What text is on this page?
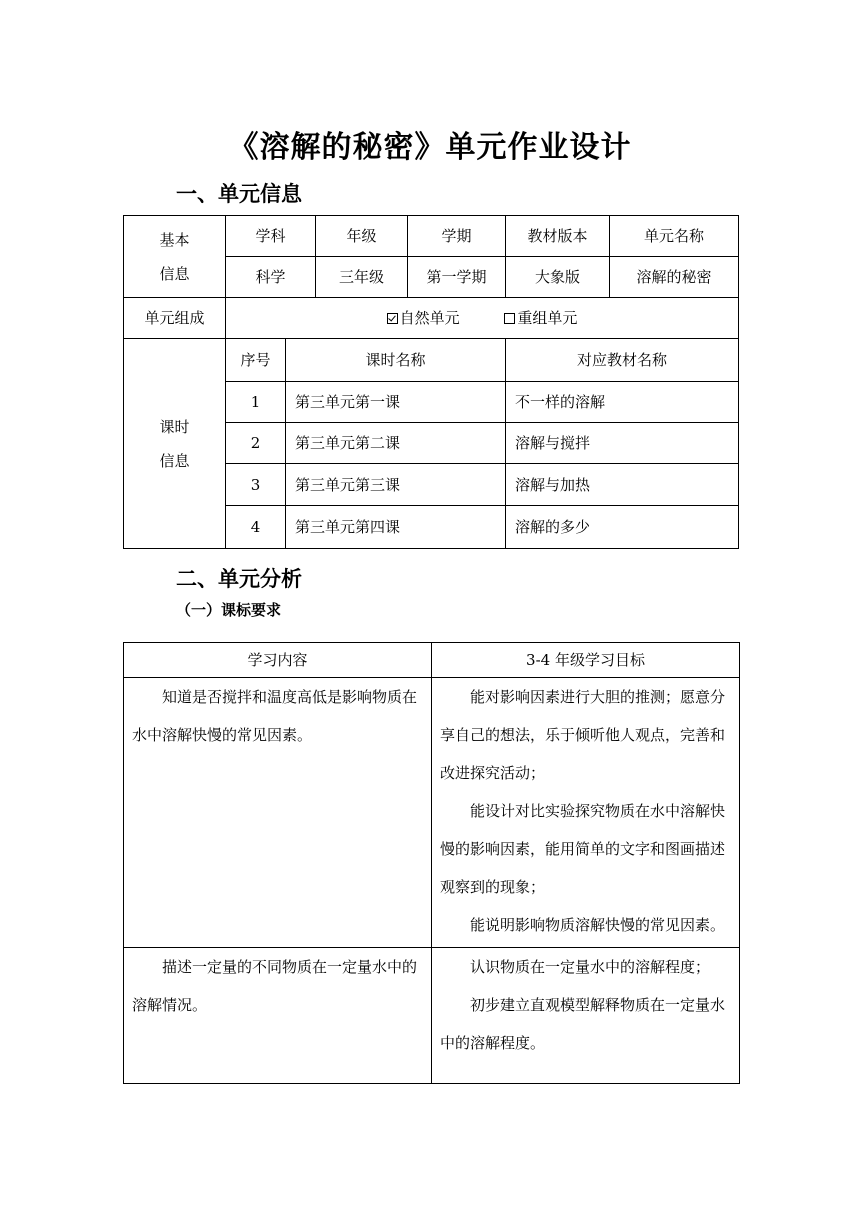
《溶解的秘密》单元作业设计
一、单元信息
基本
信息	学科		年级	学期	教材版本	单元名称
	科学		三年级	第一学期	大象版	溶解的秘密
单元组成	自然单元 重组单元					

课时
信息	序号	课时名称			对应教材名称	
	1	第三单元第一课			不一样的溶解	
	2	第三单元第二课			溶解与搅拌	
	3	第三单元第三课			溶解与加热	
	4	第三单元第四课			溶解的多少	
二、单元分析
（一）课标要求
学习内容	3-4 年级学习目标

知道是否搅拌和温度高低是影响物质在水中溶解快慢的常见因素。	能对影响因素进行大胆的推测；愿意分享自己的想法，乐于倾听他人观点，完善和改进探究活动；

能设计对比实验探究物质在水中溶解快慢的影响因素，能用简单的文字和图画描述观察到的现象；

能说明影响物质溶解快慢的常见因素。

描述一定量的不同物质在一定量水中的溶解情况。	认识物质在一定量水中的溶解程度；

初步建立直观模型解释物质在一定量水中的溶解程度。
